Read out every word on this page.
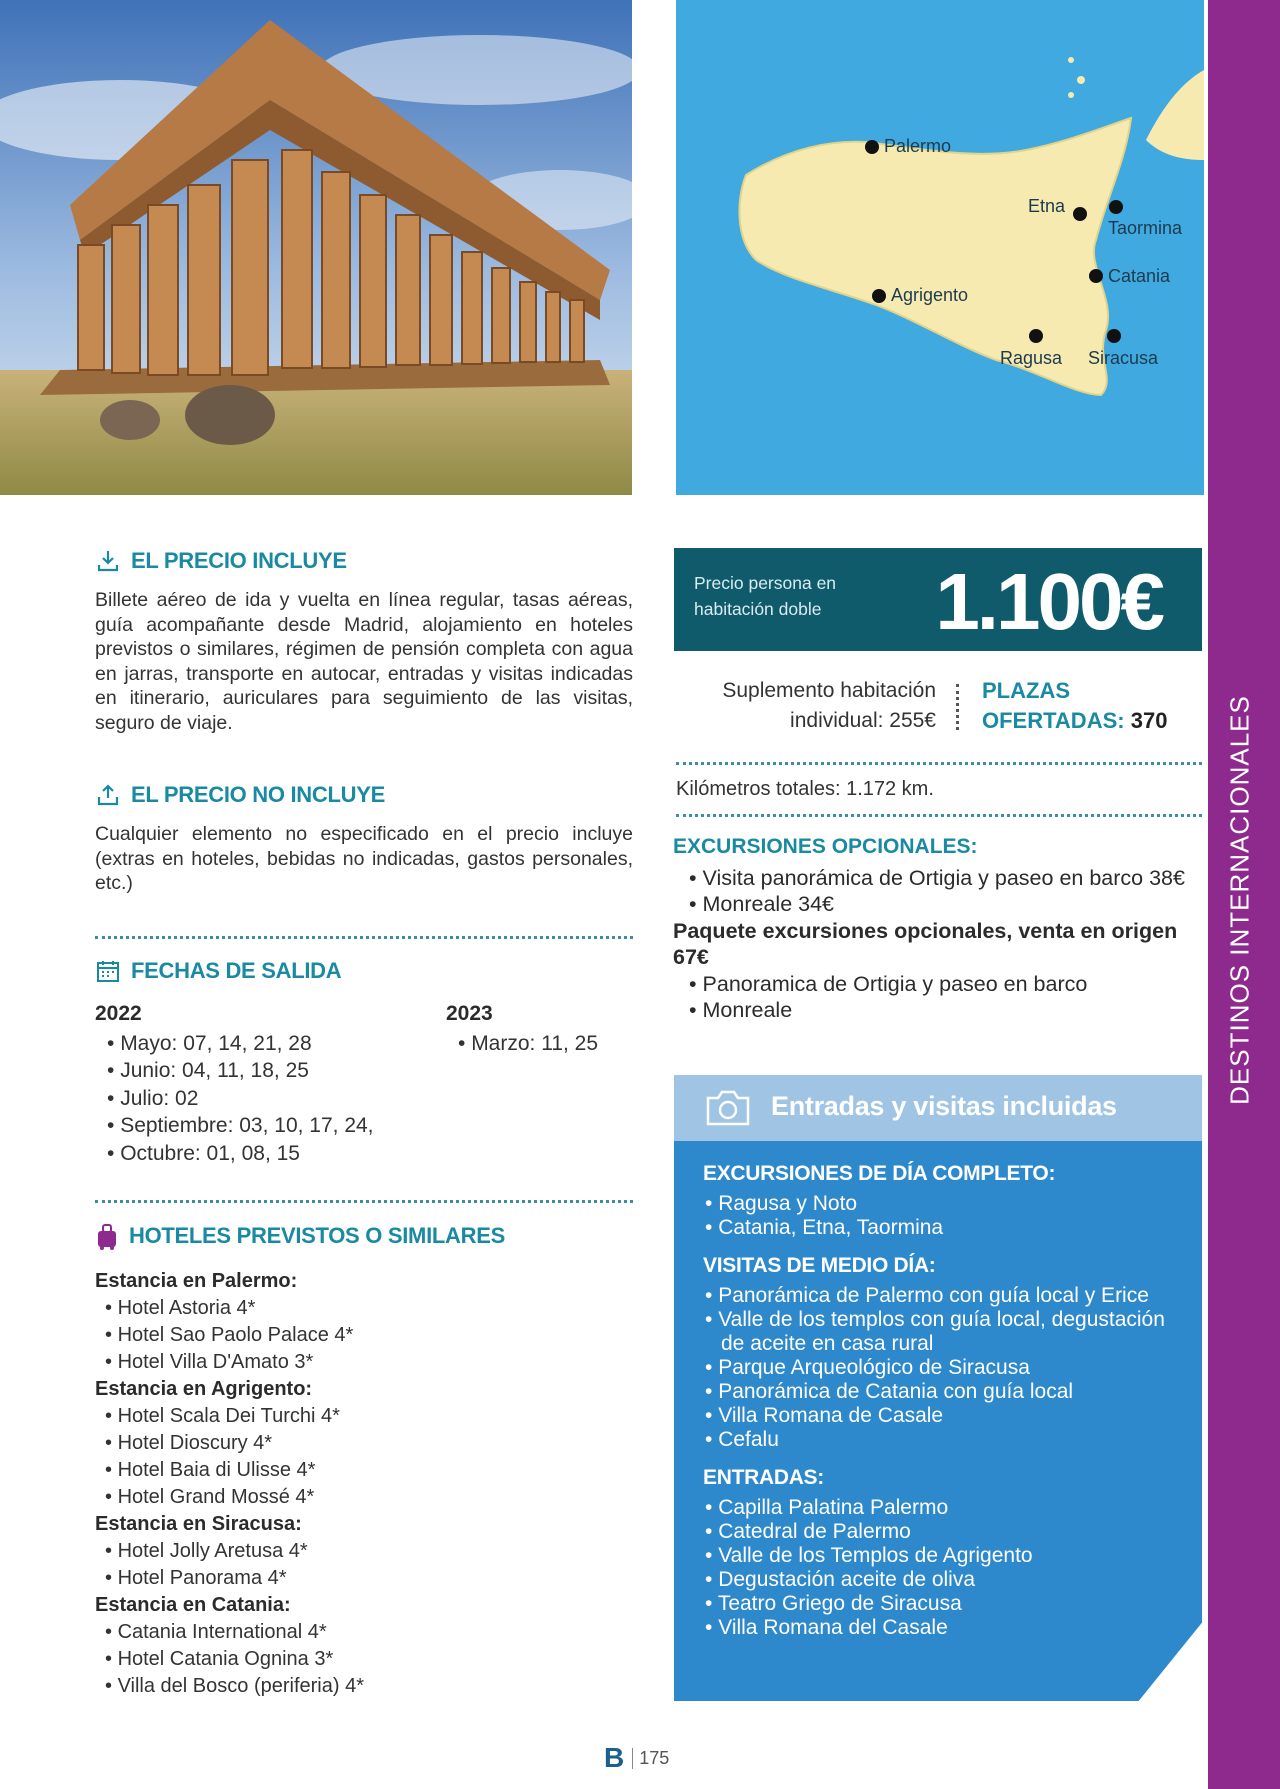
Palermo
Etna
Taormina
Catania
Agrigento
Ragusa Siracusa
DESTINOS INTERNACIONALES
EL PRECIO INCLUYE
Billete aéreo de ida y vuelta en línea regular, tasas aéreas, guía acompañante desde Madrid, alojamiento en hoteles previstos o similares, régimen de pensión completa con agua en jarras, transporte en autocar, entradas y visitas indicadas en itinerario, auriculares para seguimiento de las visitas, seguro de viaje.
EL PRECIO NO INCLUYE
Cualquier elemento no especificado en el precio incluye (extras en hoteles, bebidas no indicadas, gastos personales, etc.)
FECHAS DE SALIDA
2022
• Mayo: 07, 14, 21, 28
• Junio: 04, 11, 18, 25
• Julio: 02
• Septiembre: 03, 10, 17, 24,
• Octubre: 01, 08, 15
2023
• Marzo: 11, 25
HOTELES PREVISTOS O SIMILARES
Estancia en Palermo:
• Hotel Astoria 4*
• Hotel Sao Paolo Palace 4*
• Hotel Villa D'Amato 3*
Estancia en Agrigento:
• Hotel Scala Dei Turchi 4*
• Hotel Dioscury 4*
• Hotel Baia di Ulisse 4*
• Hotel Grand Mossé 4*
Estancia en Siracusa:
• Hotel Jolly Aretusa 4*
• Hotel Panorama 4*
Estancia en Catania:
• Catania International 4*
• Hotel Catania Ognina 3*
• Villa del Bosco (periferia) 4*
Precio persona en habitación doble	1.100€
Suplemento habitación
individual: 255€
PLAZAS
OFERTADAS: 370
Kilómetros totales: 1.172 km.
EXCURSIONES OPCIONALES:
• Visita panorámica de Ortigia y paseo en barco 38€
• Monreale 34€
Paquete excursiones opcionales, venta en origen 67€
• Panoramica de Ortigia y paseo en barco
• Monreale
Entradas y visitas incluidas
EXCURSIONES DE DÍA COMPLETO:
• Ragusa y Noto
• Catania, Etna, Taormina
VISITAS DE MEDIO DÍA:
• Panorámica de Palermo con guía local y Erice
• Valle de los templos con guía local, degustación de aceite en casa rural
• Parque Arqueológico de Siracusa
• Panorámica de Catania con guía local
• Villa Romana de Casale
• Cefalu
ENTRADAS:
• Capilla Palatina Palermo
• Catedral de Palermo
• Valle de los Templos de Agrigento
• Degustación aceite de oliva
• Teatro Griego de Siracusa
• Villa Romana del Casale
B 175
